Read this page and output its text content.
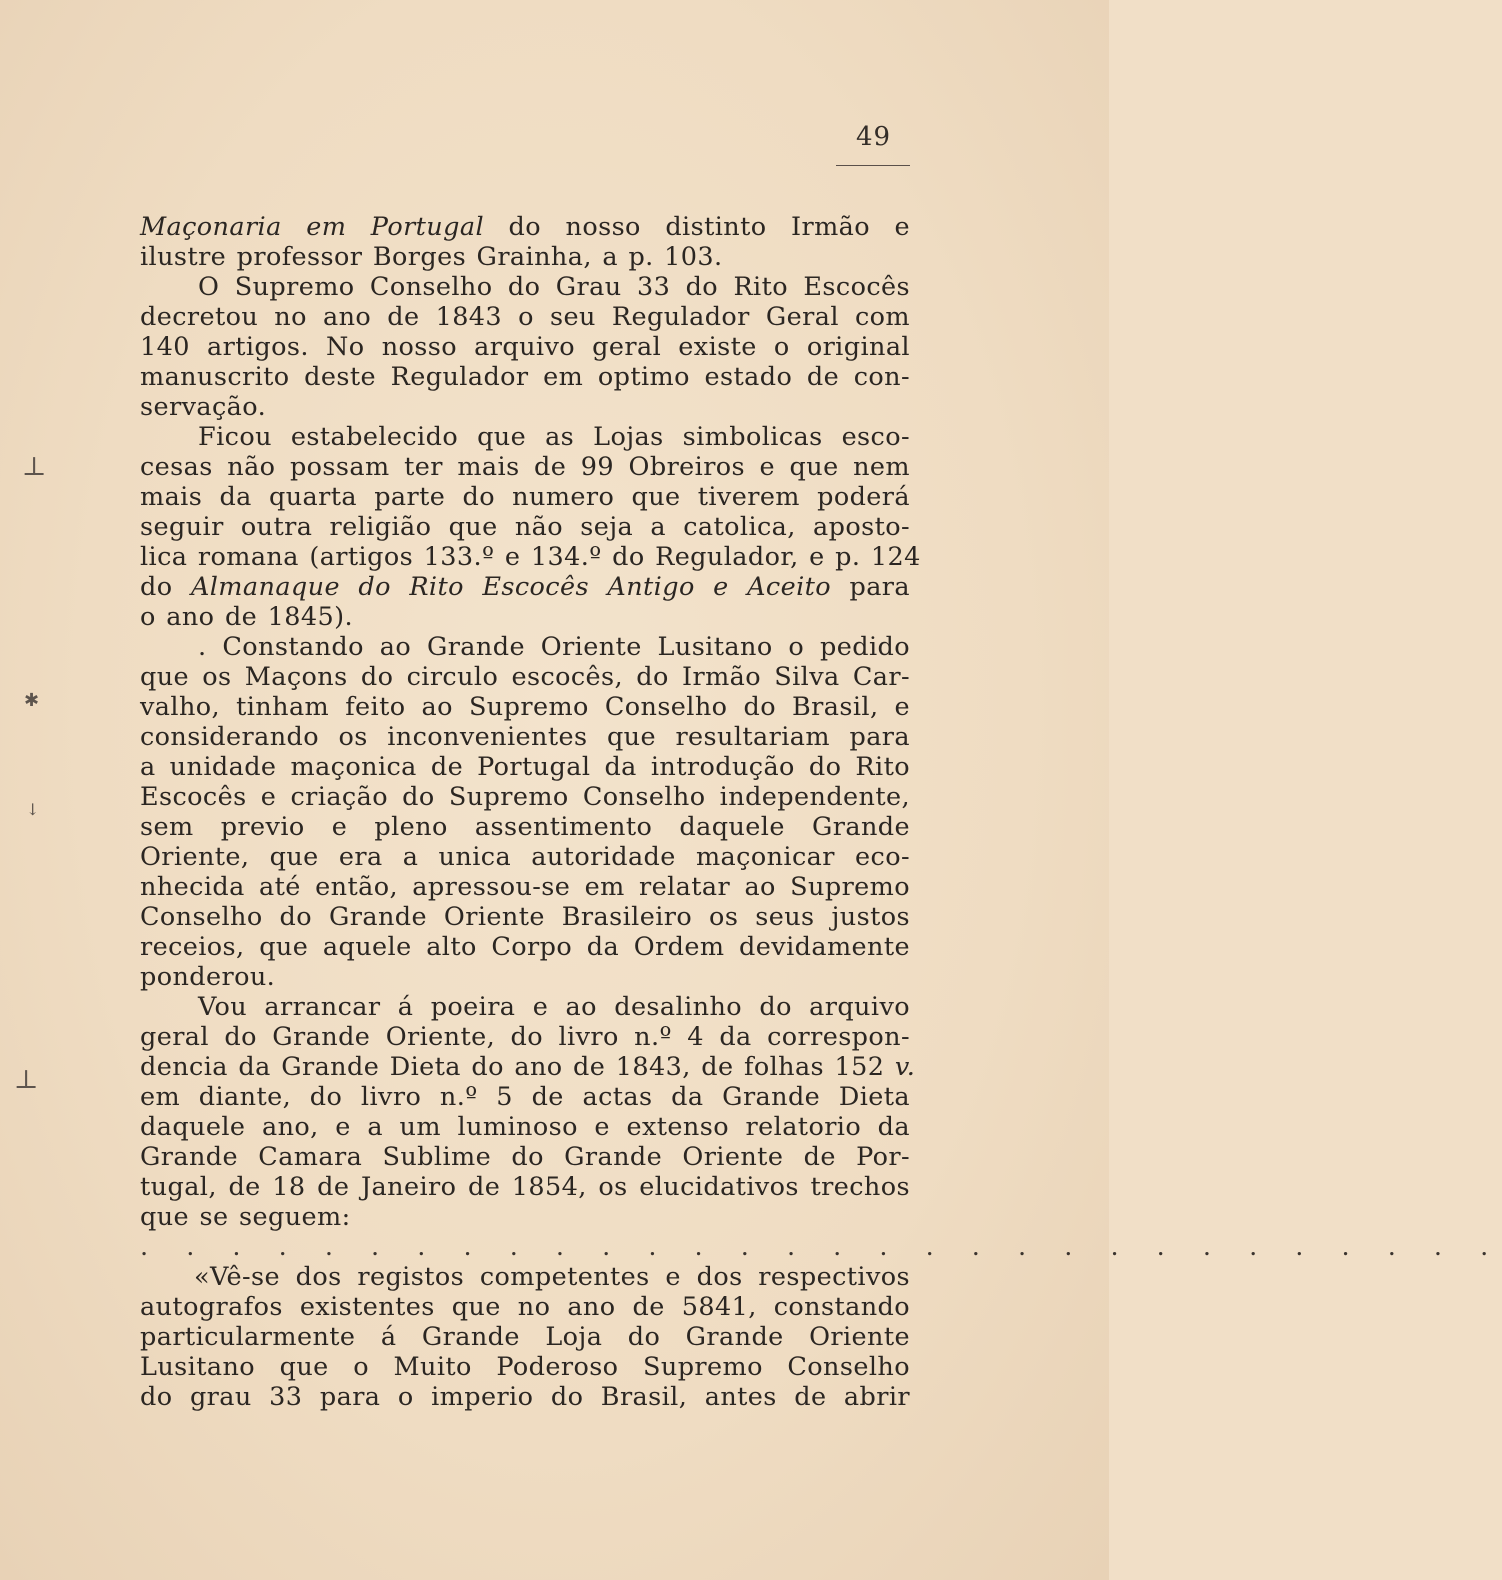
49
⊥
✱
↓
⊥
Maçonaria em Portugal do nosso distinto Irmão e
ilustre professor Borges Grainha, a p. 103.
O Supremo Conselho do Grau 33 do Rito Escocês
decretou no ano de 1843 o seu Regulador Geral com
140 artigos. No nosso arquivo geral existe o original
manuscrito deste Regulador em optimo estado de con-
servação.
Ficou estabelecido que as Lojas simbolicas esco-
cesas não possam ter mais de 99 Obreiros e que nem
mais da quarta parte do numero que tiverem poderá
seguir outra religião que não seja a catolica, aposto-
lica romana (artigos 133.º e 134.º do Regulador, e p. 124
do Almanaque do Rito Escocês Antigo e Aceito para
o ano de 1845).
. Constando ao Grande Oriente Lusitano o pedido
que os Maçons do circulo escocês, do Irmão Silva Car-
valho, tinham feito ao Supremo Conselho do Brasil, e
considerando os inconvenientes que resultariam para
a unidade maçonica de Portugal da introdução do Rito
Escocês e criação do Supremo Conselho independente,
sem previo e pleno assentimento daquele Grande
Oriente, que era a unica autoridade maçonicar eco-
nhecida até então, apressou-se em relatar ao Supremo
Conselho do Grande Oriente Brasileiro os seus justos
receios, que aquele alto Corpo da Ordem devidamente
ponderou.
Vou arrancar á poeira e ao desalinho do arquivo
geral do Grande Oriente, do livro n.º 4 da correspon-
dencia da Grande Dieta do ano de 1843, de folhas 152 v.
em diante, do livro n.º 5 de actas da Grande Dieta
daquele ano, e a um luminoso e extenso relatorio da
Grande Camara Sublime do Grande Oriente de Por-
tugal, de 18 de Janeiro de 1854, os elucidativos trechos
que se seguem:
. . . . . . . . . . . . . . . . . . . . . . . . . . . . . .
«Vê-se dos registos competentes e dos respectivos
autografos existentes que no ano de 5841, constando
particularmente á Grande Loja do Grande Oriente
Lusitano que o Muito Poderoso Supremo Conselho
do grau 33 para o imperio do Brasil, antes de abrir
